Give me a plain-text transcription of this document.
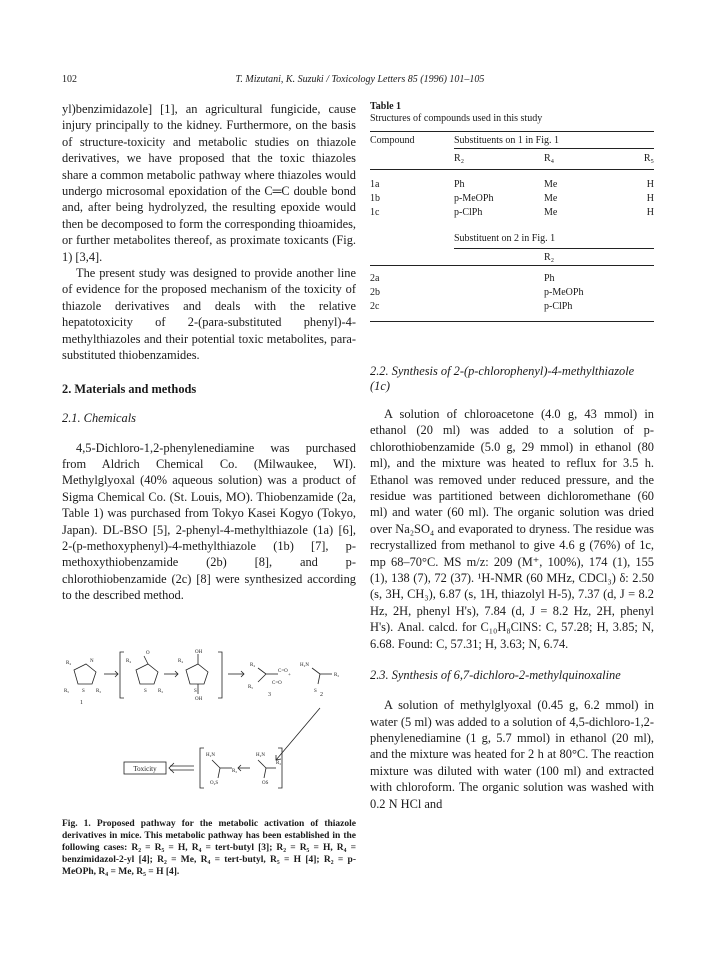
102	T. Mizutani, K. Suzuki / Toxicology Letters 85 (1996) 101–105

yl)benzimidazole] [1], an agricultural fungicide, cause injury principally to the kidney. Furthermore, on the basis of structure-toxicity and metabolic studies on thiazole derivatives, we have proposed that the toxic thiazoles share a common metabolic pathway where thiazoles would undergo microsomal epoxidation of the C═C double bond and, after being hydrolyzed, the resulting epoxide would then be decomposed to form the corresponding thioamides, or further metabolites thereof, as proximate toxicants (Fig. 1) [3,4].

The present study was designed to provide another line of evidence for the proposed mechanism of the toxicity of thiazole derivatives and deals with the relative hepatotoxicity of 2-(para-substituted phenyl)-4-methylthiazoles and their potential toxic metabolites, para-substituted thiobenzamides.

2. Materials and methods

2.1. Chemicals

4,5-Dichloro-1,2-phenylenediamine was purchased from Aldrich Chemical Co. (Milwaukee, WI). Methylglyoxal (40% aqueous solution) was a product of Sigma Chemical Co. (St. Louis, MO). Thiobenzamide (2a, Table 1) was purchased from Tokyo Kasei Kogyo (Tokyo, Japan). DL-BSO [5], 2-phenyl-4-methylthiazole (1a) [6], 2-(p-methoxyphenyl)-4-methylthiazole (1b) [7], p-methoxythiobenzamide (2b) [8], and p-chlorothiobenzamide (2c) [8] were synthesized according to the described method.

R₄	N
S R₂
R₅
R₄
O
S R₂
OH
OH
R₄
S
R₄
C=O
C=O
R₅
H₂N
R₂
S
+
H₂N
R₂
O₂S
H₂N
R₂
OS
1
3	2
Toxicity

Fig. 1. Proposed pathway for the metabolic activation of thiazole derivatives in mice. This metabolic pathway has been established in the following cases: R₂ = R₅ = H, R₄ = tert-butyl [3]; R₂ = R₅ = H, R₄ = benzimidazol-2-yl [4]; R₂ = Me, R₄ = tert-butyl, R₅ = H [4]; R₂ = p-MeOPh, R₄ = Me, R₅ = H [4].

Table 1
Structures of compounds used in this study
Compound	Substituents on 1 in Fig. 1		
	R₂	R₄	R₅

1a	Ph	Me	H
1b	p-MeOPh	Me	H
1c	p-ClPh	Me	H

	Substituent on 2 in Fig. 1		
		R₂	

2a		Ph	
2b		p-MeOPh	
2c		p-ClPh	

2.2. Synthesis of 2-(p-chlorophenyl)-4-methylthiazole (1c)

A solution of chloroacetone (4.0 g, 43 mmol) in ethanol (20 ml) was added to a solution of p-chlorothiobenzamide (5.0 g, 29 mmol) in ethanol (80 ml), and the mixture was heated to reflux for 3.5 h. Ethanol was removed under reduced pressure, and the residue was partitioned between dichloromethane (60 ml) and water (60 ml). The organic solution was dried over Na₂SO₄ and evaporated to dryness. The residue was recrystallized from methanol to give 4.6 g (76%) of 1c, mp 68–70°C. MS m/z: 209 (M⁺, 100%), 174 (1), 155 (1), 138 (7), 72 (37). ¹H-NMR (60 MHz, CDCl₃) δ: 2.50 (s, 3H, CH₃), 6.87 (s, 1H, thiazolyl H-5), 7.37 (d, J = 8.2 Hz, 2H, phenyl H's), 7.84 (d, J = 8.2 Hz, 2H, phenyl H's). Anal. calcd. for C₁₀H₈ClNS: C, 57.28; H, 3.85; N, 6.68. Found: C, 57.31; H, 3.63; N, 6.74.

2.3. Synthesis of 6,7-dichloro-2-methylquinoxaline

A solution of methylglyoxal (0.45 g, 6.2 mmol) in water (5 ml) was added to a solution of 4,5-dichloro-1,2-phenylenediamine (1 g, 5.7 mmol) in ethanol (20 ml), and the mixture was heated for 2 h at 80°C. The reaction mixture was diluted with water (100 ml) and extracted with chloroform. The organic solution was washed with 0.2 N HCl and
